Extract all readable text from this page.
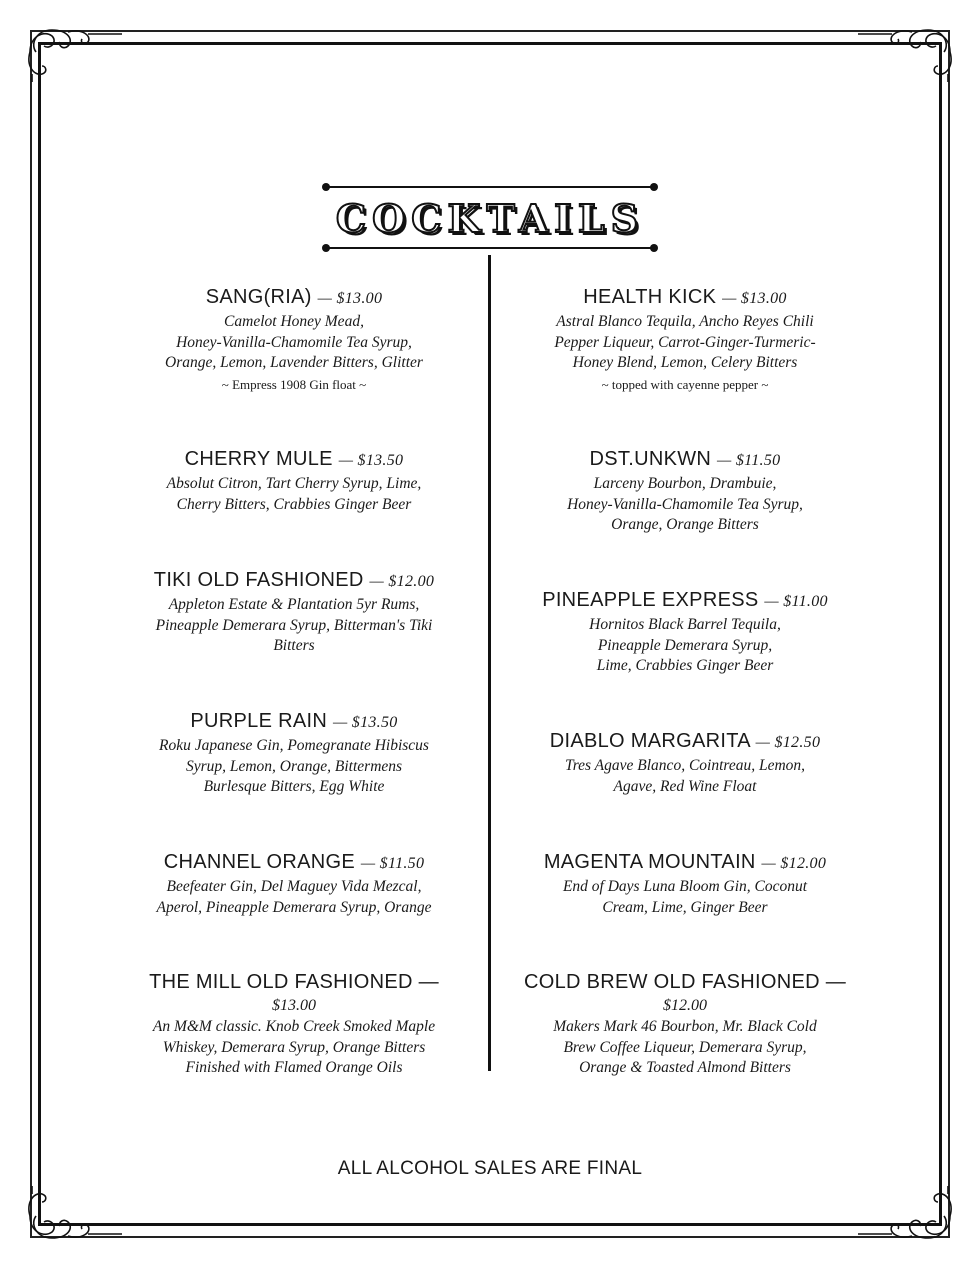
COCKTAILS
SANG(RIA) — $13.00
Camelot Honey Mead,
Honey-Vanilla-Chamomile Tea Syrup,
Orange, Lemon, Lavender Bitters, Glitter
~ Empress 1908 Gin float ~
CHERRY MULE — $13.50
Absolut Citron, Tart Cherry Syrup, Lime,
Cherry Bitters, Crabbies Ginger Beer
TIKI OLD FASHIONED — $12.00
Appleton Estate & Plantation 5yr Rums,
Pineapple Demerara Syrup, Bitterman's Tiki
Bitters
PURPLE RAIN — $13.50
Roku Japanese Gin, Pomegranate Hibiscus
Syrup, Lemon, Orange, Bittermens
Burlesque Bitters, Egg White
CHANNEL ORANGE — $11.50
Beefeater Gin, Del Maguey Vida Mezcal,
Aperol, Pineapple Demerara Syrup, Orange
THE MILL OLD FASHIONED —
$13.00
An M&M classic. Knob Creek Smoked Maple
Whiskey, Demerara Syrup, Orange Bitters
Finished with Flamed Orange Oils
HEALTH KICK — $13.00
Astral Blanco Tequila, Ancho Reyes Chili
Pepper Liqueur, Carrot-Ginger-Turmeric-
Honey Blend, Lemon, Celery Bitters
~ topped with cayenne pepper ~
DST.UNKWN — $11.50
Larceny Bourbon, Drambuie,
Honey-Vanilla-Chamomile Tea Syrup,
Orange, Orange Bitters
PINEAPPLE EXPRESS — $11.00
Hornitos Black Barrel Tequila,
Pineapple Demerara Syrup,
Lime, Crabbies Ginger Beer
DIABLO MARGARITA — $12.50
Tres Agave Blanco, Cointreau, Lemon,
Agave, Red Wine Float
MAGENTA MOUNTAIN — $12.00
End of Days Luna Bloom Gin, Coconut
Cream, Lime, Ginger Beer
COLD BREW OLD FASHIONED —
$12.00
Makers Mark 46 Bourbon, Mr. Black Cold
Brew Coffee Liqueur, Demerara Syrup,
Orange & Toasted Almond Bitters
ALL ALCOHOL SALES ARE FINAL
